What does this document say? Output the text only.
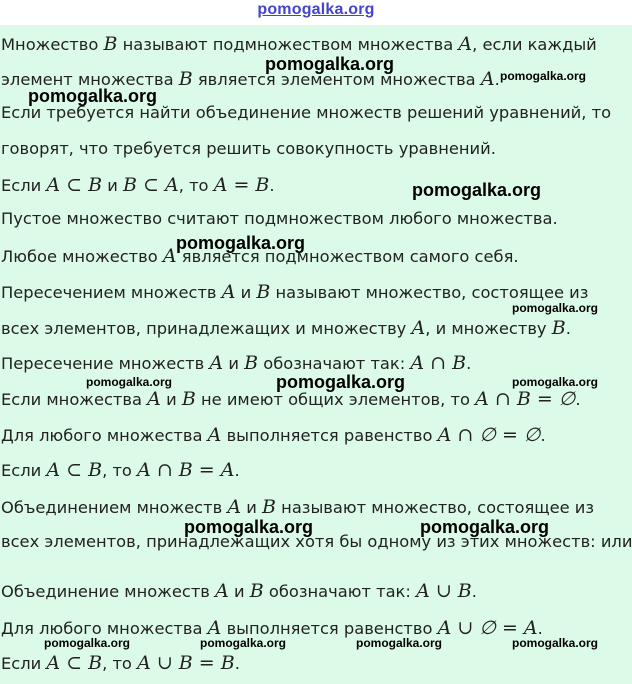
pomogalka.org
Множество B называют подмножеством множества A, если каждый
элемент множества B является элементом множества A.
Если требуется найти объединение множеств решений уравнений, то
говорят, что требуется решить совокупность уравнений.
Если A ⊂ B и B ⊂ A, то A = B.
Пустое множество считают подмножеством любого множества.
Любое множество A является подмножеством самого себя.
Пересечением множеств A и B называют множество, состоящее из
всех элементов, принадлежащих и множеству A, и множеству B.
Пересечение множеств A и B обозначают так: A ∩ B.
Если множества A и B не имеют общих элементов, то A ∩ B = ∅.
Для любого множества A выполняется равенство A ∩ ∅ = ∅.
Если A ⊂ B, то A ∩ B = A.
Объединением множеств A и B называют множество, состоящее из
всех элементов, принадлежащих хотя бы одному из этих множеств: или
Объединение множеств A и B обозначают так: A ∪ B.
Для любого множества A выполняется равенство A ∪ ∅ = A.
Если A ⊂ B, то A ∪ B = B.
pomogalka.org
pomogalka.org
pomogalka.org
pomogalka.org
pomogalka.org
pomogalka.org
pomogalka.org	pomogalka.org	pomogalka.org
pomogalka.org	pomogalka.org
pomogalka.org	pomogalka.org	pomogalka.org	pomogalka.org
